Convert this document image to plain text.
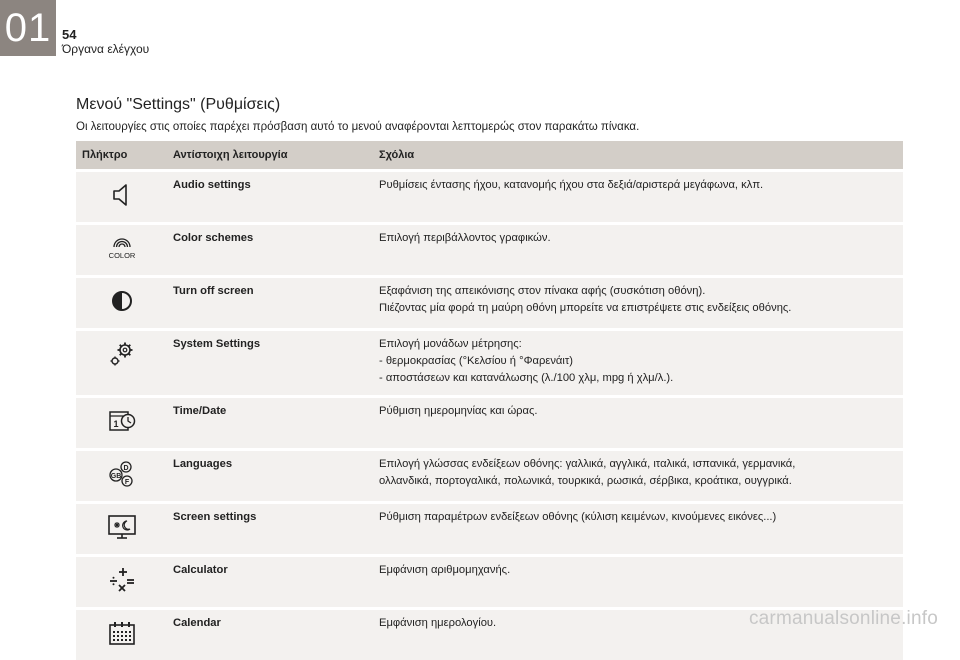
01 54
Όργανα ελέγχου
Μενού "Settings" (Ρυθμίσεις)
Οι λειτουργίες στις οποίες παρέχει πρόσβαση αυτό το μενού αναφέρονται λεπτομερώς στον παρακάτω πίνακα.
Πλήκτρο	Αντίστοιχη λειτουργία	Σχόλια
	Audio settings	Ρυθμίσεις έντασης ήχου, κατανομής ήχου στα δεξιά/αριστερά μεγάφωνα, κλπ.

COLOR	Color schemes	Επιλογή περιβάλλοντος γραφικών.

	Turn off screen	Εξαφάνιση της απεικόνισης στον πίνακα αφής (συσκότιση οθόνη).
Πιέζοντας μία φορά τη μαύρη οθόνη μπορείτε να επιστρέψετε στις ενδείξεις οθόνης.

	System Settings	Επιλογή μονάδων μέτρησης:
- θερμοκρασίας (°Κελσίου ή °Φαρενάιτ)
- αποστάσεων και κατανάλωσης (λ./100 χλμ, mpg ή χλμ/λ.).

1	Time/Date	Ρύθμιση ημερομηνίας και ώρας.

D
GB
F	Languages	Επιλογή γλώσσας ενδείξεων οθόνης: γαλλικά, αγγλικά, ιταλικά, ισπανικά, γερμανικά,
ολλανδικά, πορτογαλικά, πολωνικά, τουρκικά, ρωσικά, σέρβικα, κροάτικα, ουγγρικά.

	Screen settings	Ρύθμιση παραμέτρων ενδείξεων οθόνης (κύλιση κειμένων, κινούμενες εικόνες...)

	Calculator	Εμφάνιση αριθμομηχανής.

	Calendar	Εμφάνιση ημερολογίου.	carmanualsonline.info
